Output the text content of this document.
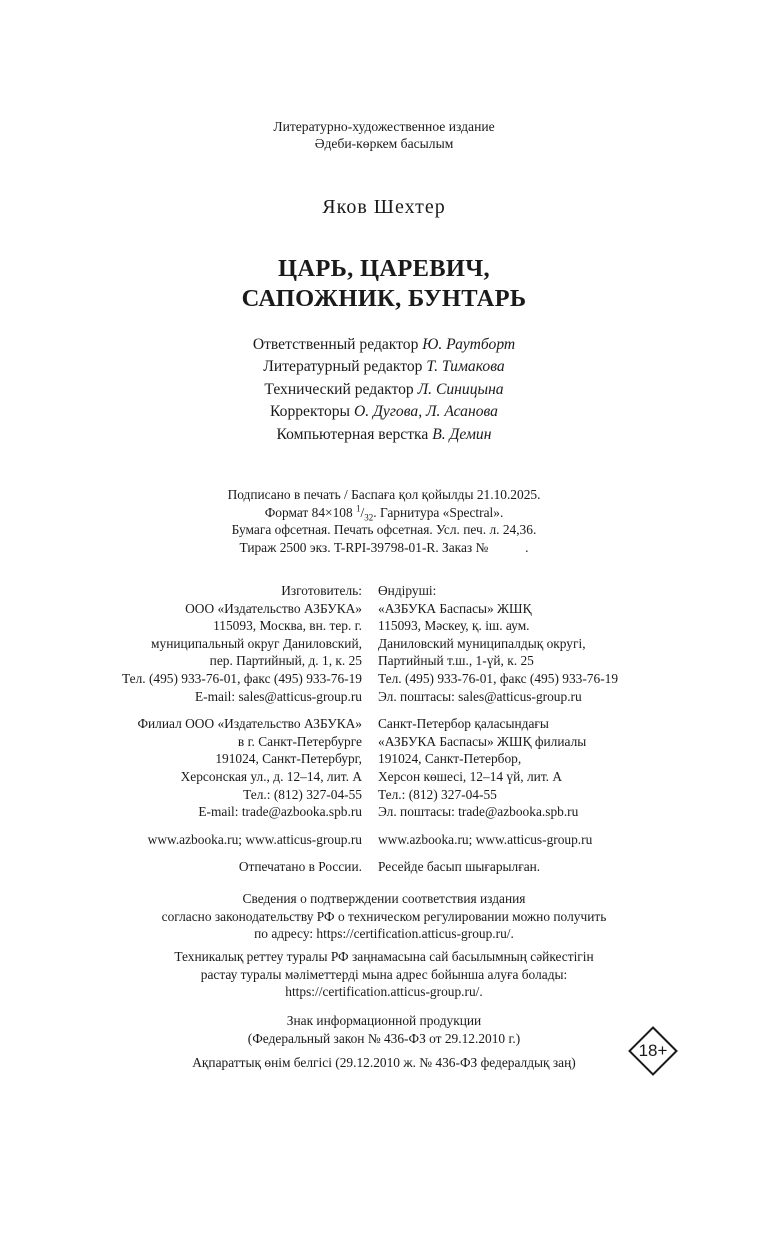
Литературно-художественное издание
Әдеби-көркем басылым
Яков Шехтер
ЦАРЬ, ЦАРЕВИЧ,
САПОЖНИК, БУНТАРЬ
Ответственный редактор Ю. Раутборт
Литературный редактор Т. Тимакова
Технический редактор Л. Синицына
Корректоры О. Дугова, Л. Асанова
Компьютерная верстка В. Демин
Подписано в печать / Баспаға қол қойылды 21.10.2025.
Формат 84×108 $^1/_{32}$. Гарнитура «Spectral».
Бумага офсетная. Печать офсетная. Усл. печ. л. 24,36.
Тираж 2500 экз. T-RPI-39798-01-R. Заказ №           .
Изготовитель:
ООО «Издательство АЗБУКА»
115093, Москва, вн. тер. г.
муниципальный округ Даниловский,
пер. Партийный, д. 1, к. 25
Тел. (495) 933-76-01, факс (495) 933-76-19
E-mail: sales@atticus-group.ru
Филиал ООО «Издательство АЗБУКА»
в г. Санкт-Петербурге
191024, Санкт-Петербург,
Херсонская ул., д. 12–14, лит. А
Тел.: (812) 327-04-55
E-mail: trade@azbooka.spb.ru
www.azbooka.ru; www.atticus-group.ru
Отпечатано в России.
Өндіруші:
«АЗБУКА Баспасы» ЖШҚ
115093, Мәскеу, қ. іш. аум.
Даниловский муниципалдық округі,
Партийный т.ш., 1-үй, к. 25
Тел. (495) 933-76-01, факс (495) 933-76-19
Эл. поштасы: sales@atticus-group.ru
Санкт-Петербор қаласындағы
«АЗБУКА Баспасы» ЖШҚ филиалы
191024, Санкт-Петербор,
Херсон көшесі, 12–14 үй, лит. А
Тел.: (812) 327-04-55
Эл. поштасы: trade@azbooka.spb.ru
www.azbooka.ru; www.atticus-group.ru
Ресейде басып шығарылған.
Сведения о подтверждении соответствия издания
согласно законодательству РФ о техническом регулировании можно получить
по адресу: https://certification.atticus-group.ru/.
Техникалық реттеу туралы РФ заңнамасына сай басылымның сәйкестігін
растау туралы мәліметтерді мына адрес бойынша алуға болады:
https://certification.atticus-group.ru/.
Знак информационной продукции
(Федеральный закон № 436-ФЗ от 29.12.2010 г.)
Ақпараттық өнім белгісі (29.12.2010 ж. № 436-ФЗ федералдық заң)
18+
